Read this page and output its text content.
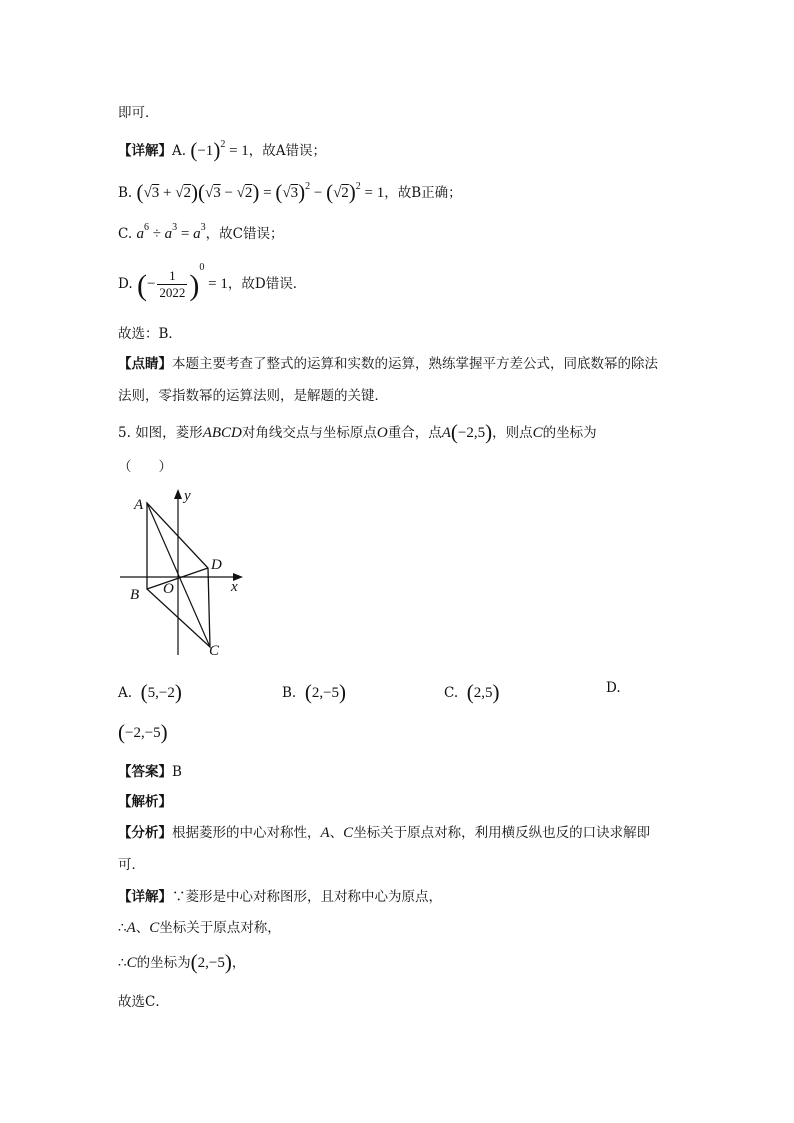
即可．
【详解】A. $(-1)^2 = 1$，故A错误；
B. $(√3 + √2)(√3 - √2) = (√3)^2 - (√2)^2 = 1$，故B正确；
C. $a^6 \div a^3 = a^3$，故C错误；
D. (− $\frac{1}{2022} )^0 = 1$，故D错误．
故选：B．
【点睛】本题主要考查了整式的运算和实数的运算，熟练掌握平方差公式，同底数幂的除法
法则，零指数幂的运算法则，是解题的关键．
5. 如图，菱形ABCD对角线交点与坐标原点O重合，点A(−2,5)，则点C的坐标为
（　　）
A
B
C
D
O	x
y
A. (5,−2)	B. (2,−5)	C. (2,5)	D.
(−2,−5)
【答案】B
【解析】
【分析】根据菱形的中心对称性，A、C坐标关于原点对称，利用横反纵也反的口诀求解即
可．
【详解】∵菱形是中心对称图形，且对称中心为原点，
∴A、C坐标关于原点对称，
∴C的坐标为(2,−5)，
故选C．
